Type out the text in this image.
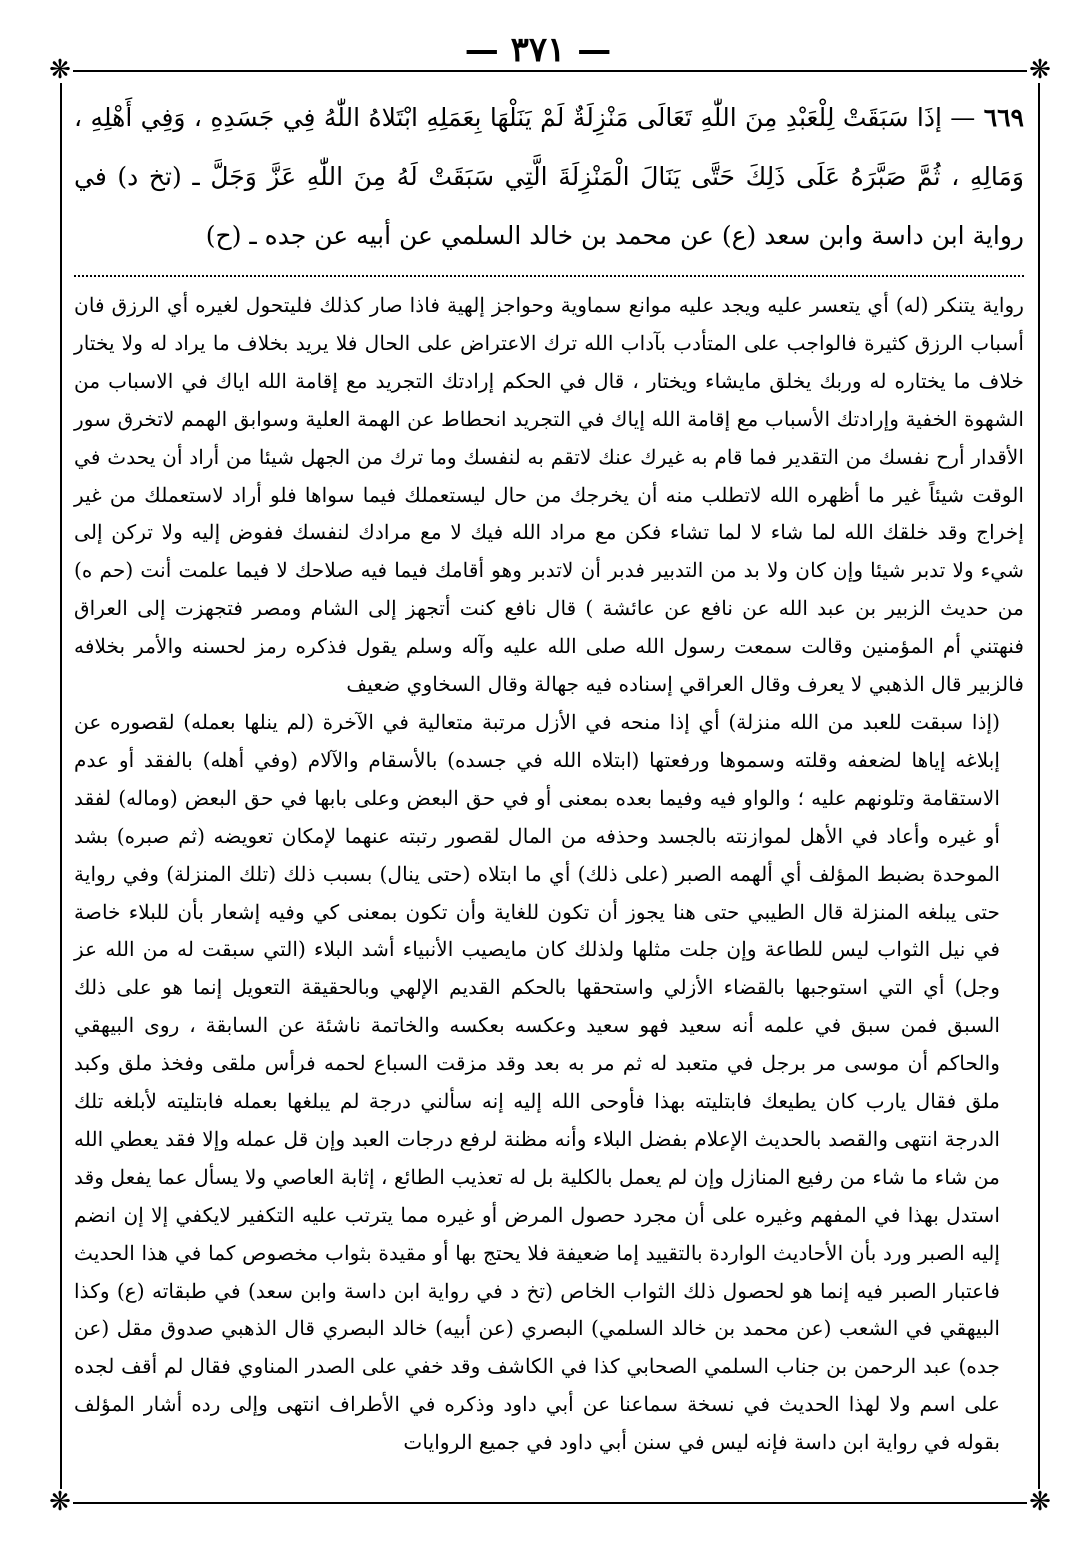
— ٣٧١ —
❋	❋
❋	❋

٦٦٩ — إذَا سَبَقَتْ لِلْعَبْدِ مِنَ اللّٰهِ تَعَالَى مَنْزِلَةٌ لَمْ يَنَلْهَا بِعَمَلِهِ ابْتَلاهُ اللّٰهُ فِي جَسَدِهِ ، وَفِي أَهْلِهِ ، وَمَالِهِ ، ثُمَّ صَبَّرَهُ عَلَى ذَلِكَ حَتَّى يَنَالَ الْمَنْزِلَةَ الَّتِي سَبَقَتْ لَهُ مِنَ اللّٰهِ عَزَّ وَجَلَّ ـ (تخ د) في رواية ابن داسة وابن سعد (ع) عن محمد بن خالد السلمي عن أبيه عن جده ـ (ح)

رواية يتنكر (له) أي يتعسر عليه ويجد عليه موانع سماوية وحواجز إلهية فاذا صار كذلك فليتحول لغيره أي الرزق فان أسباب الرزق كثيرة فالواجب على المتأدب بآداب الله ترك الاعتراض على الحال فلا يريد بخلاف ما يراد له ولا يختار خلاف ما يختاره له وربك يخلق مايشاء ويختار ، قال في الحكم إرادتك التجريد مع إقامة الله اياك في الاسباب من الشهوة الخفية وإرادتك الأسباب مع إقامة الله إياك في التجريد انحطاط عن الهمة العلية وسوابق الهمم لاتخرق سور الأقدار أرح نفسك من التقدير فما قام به غيرك عنك لاتقم به لنفسك وما ترك من الجهل شيئا من أراد أن يحدث في الوقت شيئاً غير ما أظهره الله لاتطلب منه أن يخرجك من حال ليستعملك فيما سواها فلو أراد لاستعملك من غير إخراج وقد خلقك الله لما شاء لا لما تشاء فكن مع مراد الله فيك لا مع مرادك لنفسك ففوض إليه ولا تركن إلى شيء ولا تدبر شيئا وإن كان ولا بد من التدبير فدبر أن لاتدبر وهو أقامك فيما فيه صلاحك لا فيما علمت أنت (حم ه) من حديث الزبير بن عبد الله عن نافع عن عائشة ) قال نافع كنت أتجهز إلى الشام ومصر فتجهزت إلى العراق فنهتني أم المؤمنين وقالت سمعت رسول الله صلى الله عليه وآله وسلم يقول فذكره رمز لحسنه والأمر بخلافه فالزبير قال الذهبي لا يعرف وقال العراقي إسناده فيه جهالة وقال السخاوي ضعيف

(إذا سبقت للعبد من الله منزلة) أي إذا منحه في الأزل مرتبة متعالية في الآخرة (لم ينلها بعمله) لقصوره عن إبلاغه إياها لضعفه وقلته وسموها ورفعتها (ابتلاه الله في جسده) بالأسقام والآلام (وفي أهله) بالفقد أو عدم الاستقامة وتلونهم عليه ؛ والواو فيه وفيما بعده بمعنى أو في حق البعض وعلى بابها في حق البعض (وماله) لفقد أو غيره وأعاد في الأهل لموازنته بالجسد وحذفه من المال لقصور رتبته عنهما لإمكان تعويضه (ثم صبره) بشد الموحدة بضبط المؤلف أي ألهمه الصبر (على ذلك) أي ما ابتلاه (حتى ينال) بسبب ذلك (تلك المنزلة) وفي رواية حتى يبلغه المنزلة قال الطيبي حتى هنا يجوز أن تكون للغاية وأن تكون بمعنى كي وفيه إشعار بأن للبلاء خاصة في نيل الثواب ليس للطاعة وإن جلت مثلها ولذلك كان مايصيب الأنبياء أشد البلاء (التي سبقت له من الله عز وجل) أي التي استوجبها بالقضاء الأزلي واستحقها بالحكم القديم الإلهي وبالحقيقة التعويل إنما هو على ذلك السبق فمن سبق في علمه أنه سعيد فهو سعيد وعكسه بعكسه والخاتمة ناشئة عن السابقة ، روى البيهقي والحاكم أن موسى مر برجل في متعبد له ثم مر به بعد وقد مزقت السباع لحمه فرأس ملقى وفخذ ملق وكبد ملق فقال يارب كان يطيعك فابتليته بهذا فأوحى الله إليه إنه سألني درجة لم يبلغها بعمله فابتليته لأبلغه تلك الدرجة انتهى والقصد بالحديث الإعلام بفضل البلاء وأنه مظنة لرفع درجات العبد وإن قل عمله وإلا فقد يعطي الله من شاء ما شاء من رفيع المنازل وإن لم يعمل بالكلية بل له تعذيب الطائع ، إثابة العاصي ولا يسأل عما يفعل وقد استدل بهذا في المفهم وغيره على أن مجرد حصول المرض أو غيره مما يترتب عليه التكفير لايكفي إلا إن انضم إليه الصبر ورد بأن الأحاديث الواردة بالتقييد إما ضعيفة فلا يحتج بها أو مقيدة بثواب مخصوص كما في هذا الحديث فاعتبار الصبر فيه إنما هو لحصول ذلك الثواب الخاص (تخ د في رواية ابن داسة وابن سعد) في طبقاته (ع) وكذا البيهقي في الشعب (عن محمد بن خالد السلمي) البصري (عن أبيه) خالد البصري قال الذهبي صدوق مقل (عن جده) عبد الرحمن بن جناب السلمي الصحابي كذا في الكاشف وقد خفي على الصدر المناوي فقال لم أقف لجده على اسم ولا لهذا الحديث في نسخة سماعنا عن أبي داود وذكره في الأطراف انتهى وإلى رده أشار المؤلف بقوله في رواية ابن داسة فإنه ليس في سنن أبي داود في جميع الروايات
